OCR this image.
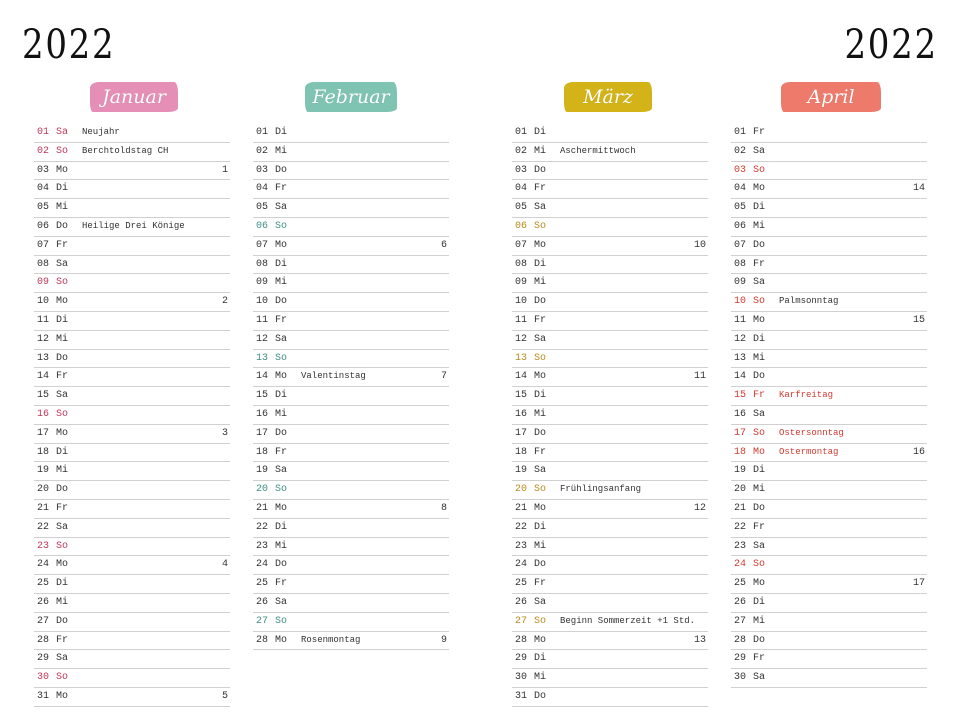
2022	2022
Januar
01 Sa Neujahr
02 So Berchtoldstag CH
03 Mo	1
04 Di
05 Mi
06 Do Heilige Drei Könige
07 Fr
08 Sa
09 So
10 Mo	2
11 Di
12 Mi
13 Do
14 Fr
15 Sa
16 So
17 Mo	3
18 Di
19 Mi
20 Do
21 Fr
22 Sa
23 So
24 Mo	4
25 Di
26 Mi
27 Do
28 Fr
29 Sa
30 So
31 Mo	5
Februar
01 Di
02 Mi
03 Do
04 Fr
05 Sa
06 So
07 Mo	6
08 Di
09 Mi
10 Do
11 Fr
12 Sa
13 So
14 Mo Valentinstag	7
15 Di
16 Mi
17 Do
18 Fr
19 Sa
20 So
21 Mo	8
22 Di
23 Mi
24 Do
25 Fr
26 Sa
27 So
28 Mo Rosenmontag	9
März
01 Di
02 Mi Aschermittwoch
03 Do
04 Fr
05 Sa
06 So
07 Mo	10
08 Di
09 Mi
10 Do
11 Fr
12 Sa
13 So
14 Mo	11
15 Di
16 Mi
17 Do
18 Fr
19 Sa
20 So Frühlingsanfang
21 Mo	12
22 Di
23 Mi
24 Do
25 Fr
26 Sa
27 So Beginn Sommerzeit +1 Std.
28 Mo	13
29 Di
30 Mi
31 Do
April
01 Fr
02 Sa
03 So
04 Mo	14
05 Di
06 Mi
07 Do
08 Fr
09 Sa
10 So Palmsonntag
11 Mo	15
12 Di
13 Mi
14 Do
15 Fr Karfreitag
16 Sa
17 So Ostersonntag
18 Mo Ostermontag	16
19 Di
20 Mi
21 Do
22 Fr
23 Sa
24 So
25 Mo	17
26 Di
27 Mi
28 Do
29 Fr
30 Sa
